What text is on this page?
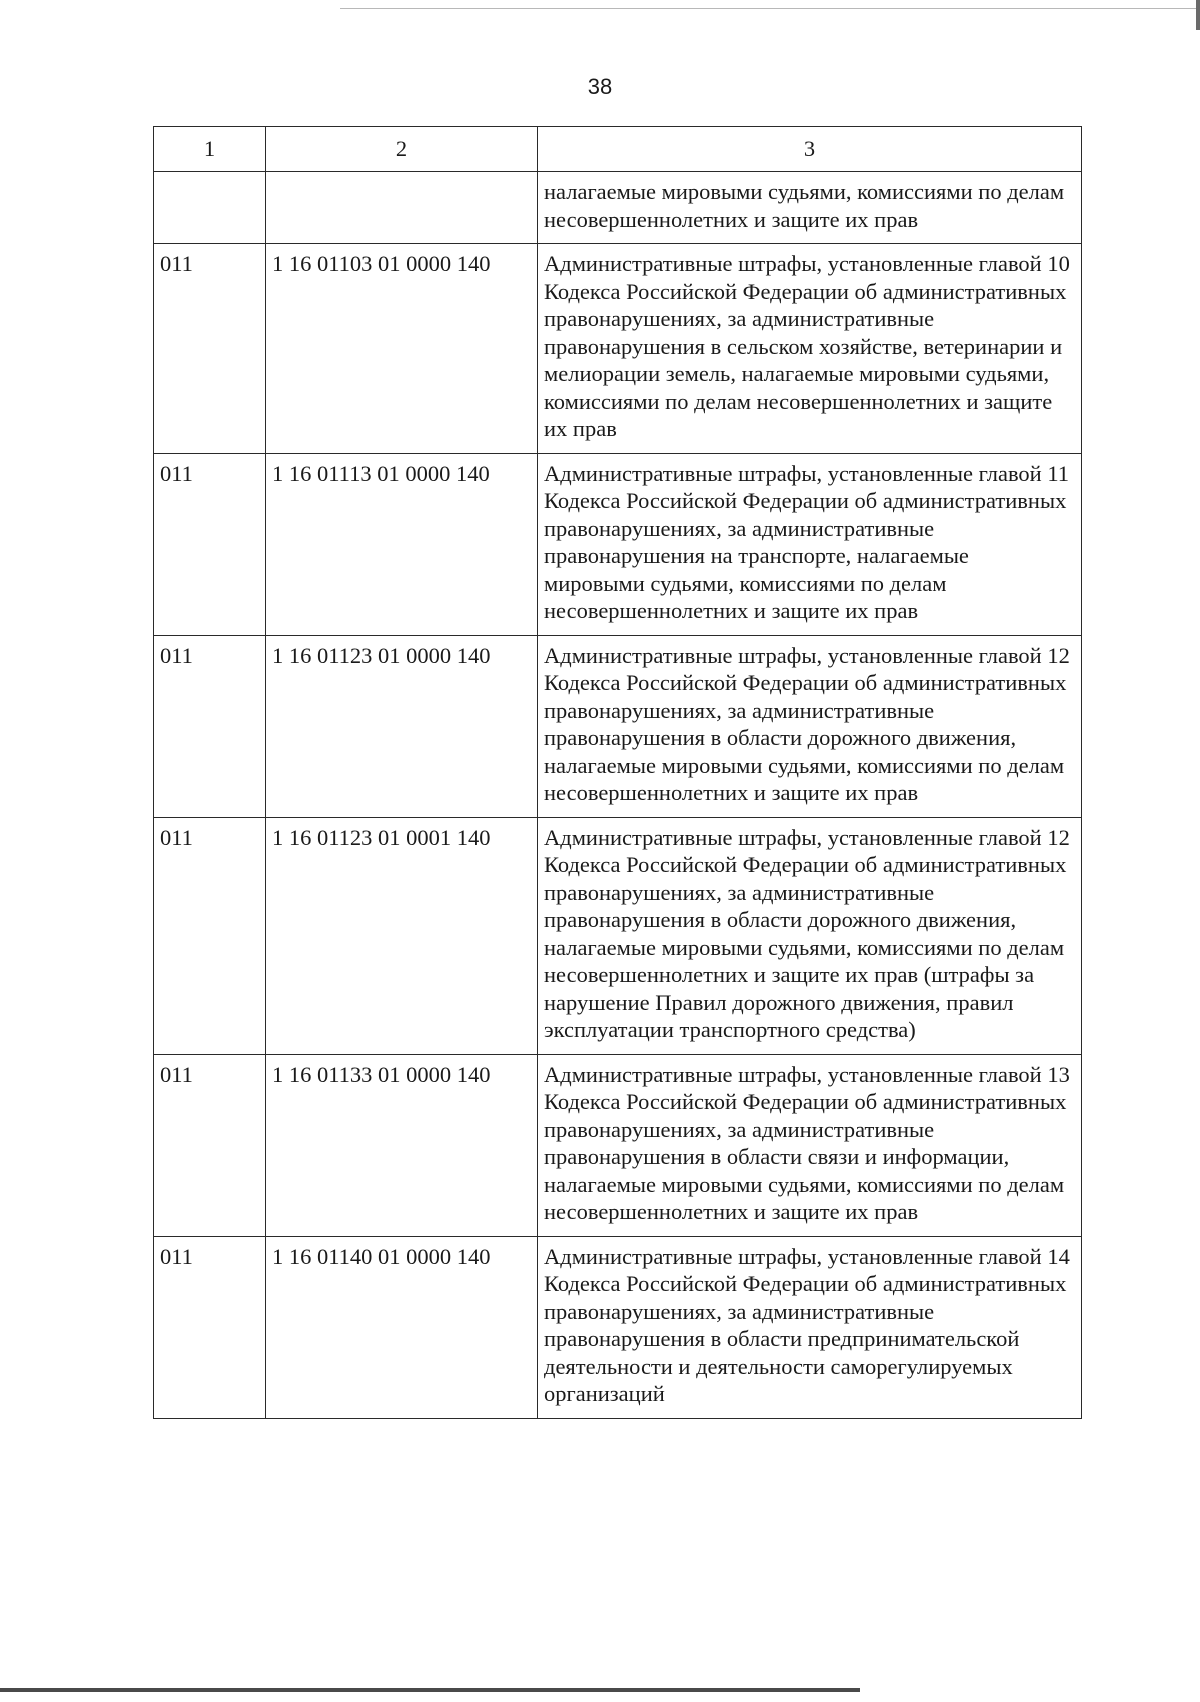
38
1	2	3
		налагаемые мировыми судьями, комиссиями по делам несовершеннолетних и защите их прав
011	1 16 01103 01 0000 140	Административные штрафы, установленные главой 10 Кодекса Российской Федерации об административных правонарушениях, за административные правонарушения в сельском хозяйстве, ветеринарии и мелиорации земель, налагаемые мировыми судьями, комиссиями по делам несовершеннолетних и защите их прав
011	1 16 01113 01 0000 140	Административные штрафы, установленные главой 11 Кодекса Российской Федерации об административных правонарушениях, за административные правонарушения на транспорте, налагаемые мировыми судьями, комиссиями по делам несовершеннолетних и защите их прав
011	1 16 01123 01 0000 140	Административные штрафы, установленные главой 12 Кодекса Российской Федерации об административных правонарушениях, за административные правонарушения в области дорожного движения, налагаемые мировыми судьями, комиссиями по делам несовершеннолетних и защите их прав
011	1 16 01123 01 0001 140	Административные штрафы, установленные главой 12 Кодекса Российской Федерации об административных правонарушениях, за административные правонарушения в области дорожного движения, налагаемые мировыми судьями, комиссиями по делам несовершеннолетних и защите их прав (штрафы за нарушение Правил дорожного движения, правил эксплуатации транспортного средства)
011	1 16 01133 01 0000 140	Административные штрафы, установленные главой 13 Кодекса Российской Федерации об административных правонарушениях, за административные правонарушения в области связи и информации, налагаемые мировыми судьями, комиссиями по делам несовершеннолетних и защите их прав
011	1 16 01140 01 0000 140	Административные штрафы, установленные главой 14 Кодекса Российской Федерации об административных правонарушениях, за административные правонарушения в области предпринимательской деятельности и деятельности саморегулируемых организаций
